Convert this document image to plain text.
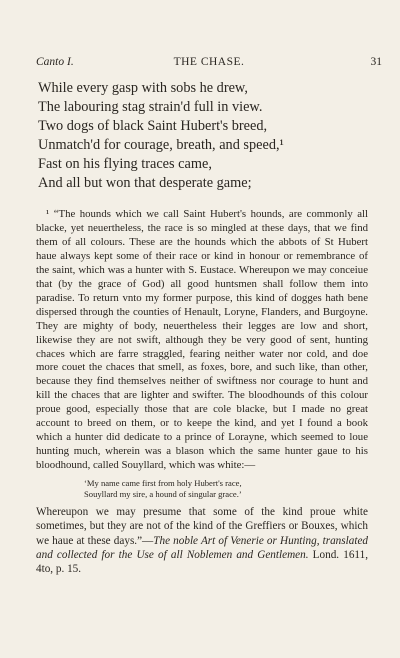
Canto I.	THE CHASE.	31
While every gasp with sobs he drew,
The labouring stag strain'd full in view.
Two dogs of black Saint Hubert's breed,
Unmatch'd for courage, breath, and speed,¹
Fast on his flying traces came,
And all but won that desperate game;

¹ “The hounds which we call Saint Hubert's hounds, are commonly all blacke, yet neuertheless, the race is so mingled at these days, that we find them of all colours. These are the hounds which the abbots of St Hubert haue always kept some of their race or kind in honour or remembrance of the saint, which was a hunter with S. Eustace. Whereupon we may conceiue that (by the grace of God) all good huntsmen shall follow them into paradise. To return vnto my former purpose, this kind of dogges hath bene dispersed through the counties of Henault, Loryne, Flanders, and Burgoyne. They are mighty of body, neuertheless their legges are low and short, likewise they are not swift, although they be very good of sent, hunting chaces which are farre straggled, fearing neither water nor cold, and doe more couet the chaces that smell, as foxes, bore, and such like, than other, because they find themselves neither of swiftness nor courage to hunt and kill the chaces that are lighter and swifter. The bloodhounds of this colour proue good, especially those that are cole blacke, but I made no great account to breed on them, or to keepe the kind, and yet I found a book which a hunter did dedicate to a prince of Lorayne, which seemed to loue hunting much, wherein was a blason which the same hunter gaue to his bloodhound, called Souyllard, which was white:—

‘My name came first from holy Hubert's race,
Souyllard my sire, a hound of singular grace.’

Whereupon we may presume that some of the kind proue white sometimes, but they are not of the kind of the Greffiers or Bouxes, which we haue at these days.”—The noble Art of Venerie or Hunting, translated and collected for the Use of all Noblemen and Gentlemen. Lond. 1611, 4to, p. 15.
